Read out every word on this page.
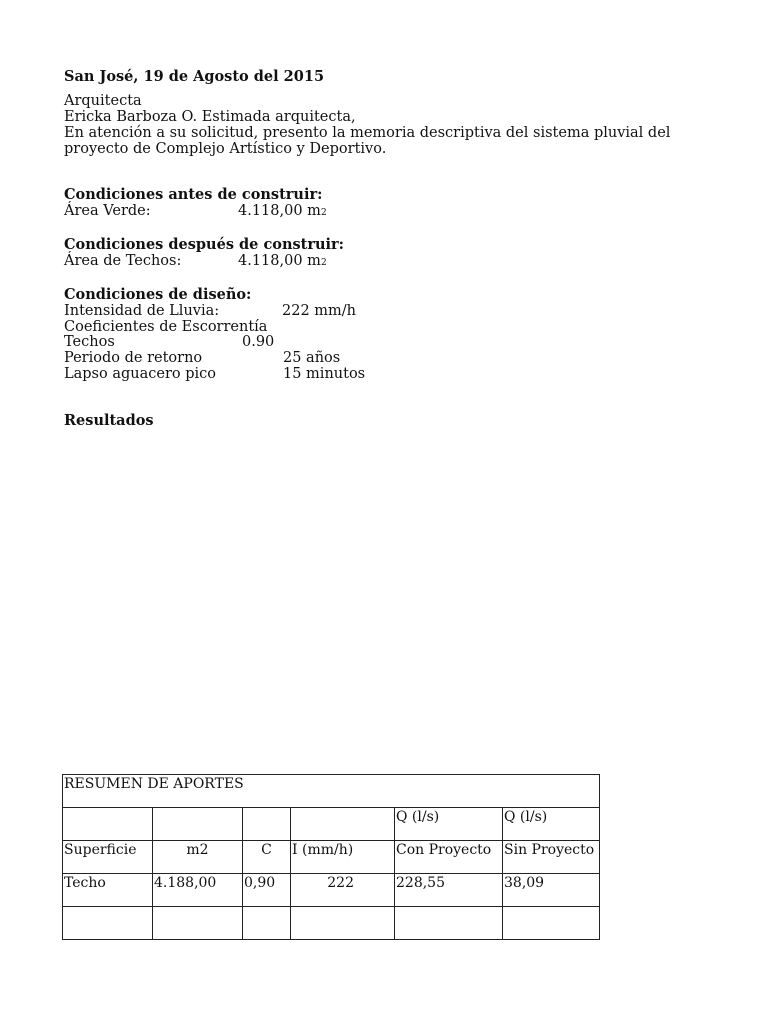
San José, 19 de Agosto del 2015
Arquitecta
Ericka Barboza O. Estimada arquitecta,
En atención a su solicitud, presento la memoria descriptiva del sistema pluvial del
proyecto de Complejo Artístico y Deportivo.
Condiciones antes de construir:
Área Verde:	4.118,00 m2
Condiciones después de construir:
Área de Techos:	4.118,00 m2
Condiciones de diseño:
Intensidad de Lluvia:	222 mm/h
Coeficientes de Escorrentía
Techos	0.90
Periodo de retorno	25 años
Lapso aguacero pico	15 minutos
Resultados
RESUMEN DE APORTES					
				Q (l/s)	Q (l/s)
Superficie	m2	C	I (mm/h)	Con Proyecto	Sin Proyecto
Techo	4.188,00	0,90	222	228,55	38,09
